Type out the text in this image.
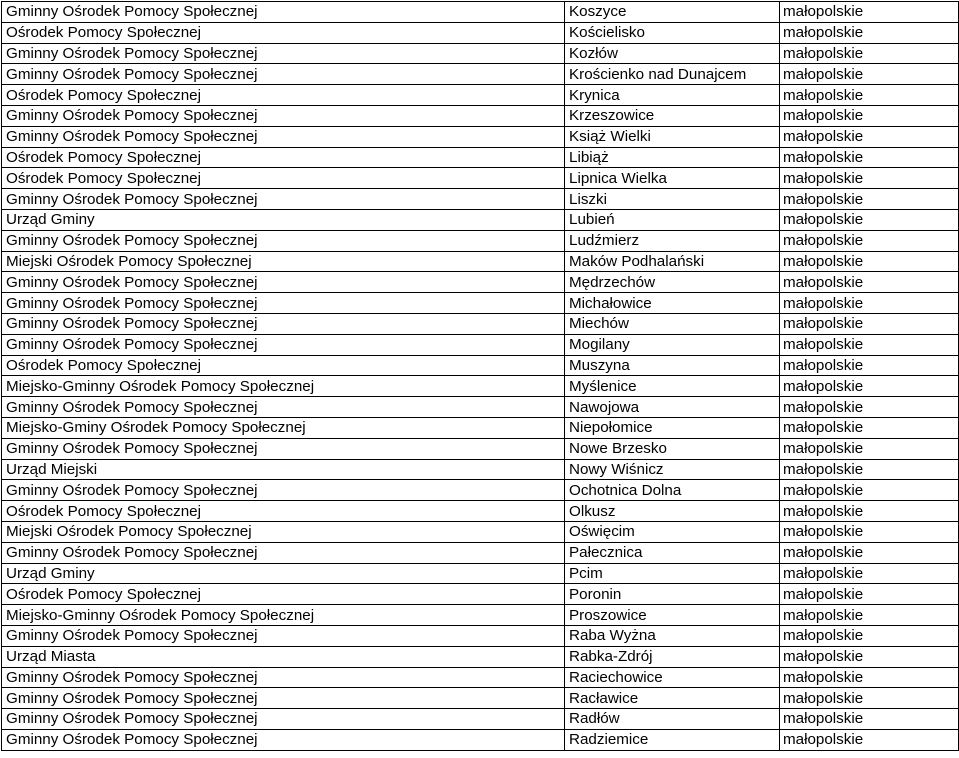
Gminny Ośrodek Pomocy Społecznej	Koszyce	małopolskie
Ośrodek Pomocy Społecznej	Kościelisko	małopolskie
Gminny Ośrodek Pomocy Społecznej	Kozłów	małopolskie
Gminny Ośrodek Pomocy Społecznej	Krościenko nad Dunajcem	małopolskie
Ośrodek Pomocy Społecznej	Krynica	małopolskie
Gminny Ośrodek Pomocy Społecznej	Krzeszowice	małopolskie
Gminny Ośrodek Pomocy Społecznej	Książ Wielki	małopolskie
Ośrodek Pomocy Społecznej	Libiąż	małopolskie
Ośrodek Pomocy Społecznej	Lipnica Wielka	małopolskie
Gminny Ośrodek Pomocy Społecznej	Liszki	małopolskie
Urząd Gminy	Lubień	małopolskie
Gminny Ośrodek Pomocy Społecznej	Ludźmierz	małopolskie
Miejski Ośrodek Pomocy Społecznej	Maków Podhalański	małopolskie
Gminny Ośrodek Pomocy Społecznej	Mędrzechów	małopolskie
Gminny Ośrodek Pomocy Społecznej	Michałowice	małopolskie
Gminny Ośrodek Pomocy Społecznej	Miechów	małopolskie
Gminny Ośrodek Pomocy Społecznej	Mogilany	małopolskie
Ośrodek Pomocy Społecznej	Muszyna	małopolskie
Miejsko-Gminny Ośrodek Pomocy Społecznej	Myślenice	małopolskie
Gminny Ośrodek Pomocy Społecznej	Nawojowa	małopolskie
Miejsko-Gminy Ośrodek Pomocy Społecznej	Niepołomice	małopolskie
Gminny Ośrodek Pomocy Społecznej	Nowe Brzesko	małopolskie
Urząd Miejski	Nowy Wiśnicz	małopolskie
Gminny Ośrodek Pomocy Społecznej	Ochotnica Dolna	małopolskie
Ośrodek Pomocy Społecznej	Olkusz	małopolskie
Miejski Ośrodek Pomocy Społecznej	Oświęcim	małopolskie
Gminny Ośrodek Pomocy Społecznej	Pałecznica	małopolskie
Urząd Gminy	Pcim	małopolskie
Ośrodek Pomocy Społecznej	Poronin	małopolskie
Miejsko-Gminny Ośrodek Pomocy Społecznej	Proszowice	małopolskie
Gminny Ośrodek Pomocy Społecznej	Raba Wyżna	małopolskie
Urząd Miasta	Rabka-Zdrój	małopolskie
Gminny Ośrodek Pomocy Społecznej	Raciechowice	małopolskie
Gminny Ośrodek Pomocy Społecznej	Racławice	małopolskie
Gminny Ośrodek Pomocy Społecznej	Radłów	małopolskie
Gminny Ośrodek Pomocy Społecznej	Radziemice	małopolskie
